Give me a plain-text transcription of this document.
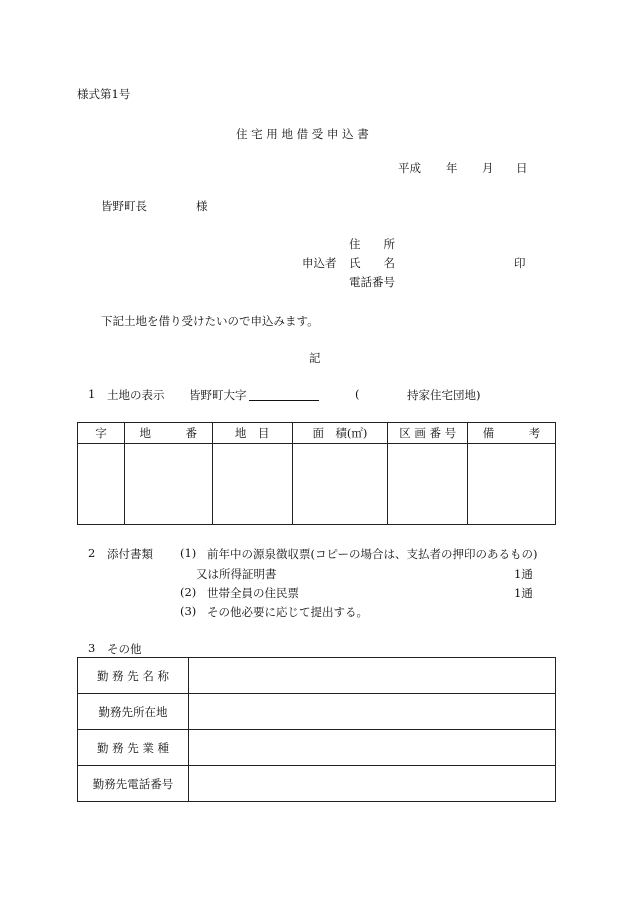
様式第1号
住 宅 用 地 借 受 申 込 書
平成 年 月 日
皆野町長	様
住　　所
申込者 氏　　名	印
電話番号
下記土地を借り受けたいので申込みます。
記
1 土地の表示 皆野町大字	(	持家住宅団地)
字	地　　　番	地　目	面　積(㎡)	区 画 番 号	備　　　考

2 添付書類 (1) 前年中の源泉徴収票(コピーの場合は、支払者の押印のあるもの)
又は所得証明書	1通
(2) 世帯全員の住民票	1通
(3) その他必要に応じて提出する。
3 その他
勤 務 先 名 称	
勤務先所在地	
勤 務 先 業 種	
勤務先電話番号	
